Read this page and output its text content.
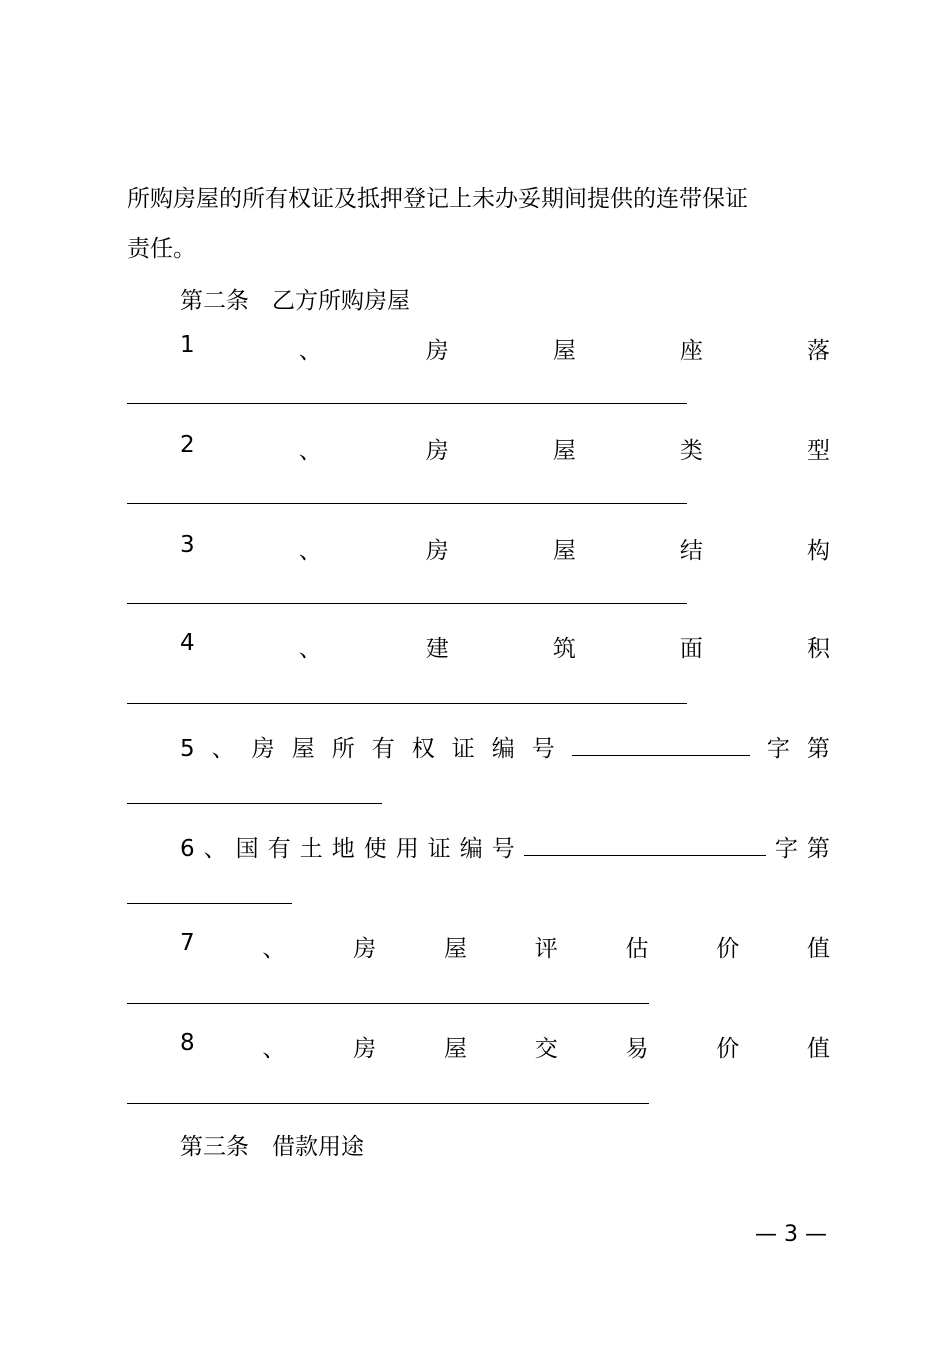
所购房屋的所有权证及抵押登记上未办妥期间提供的连带保证
责任。
第二条　乙方所购房屋
1	、	房	屋	座	落
2	、	房	屋	类	型
3	、	房	屋	结	构
4	、	建	筑	面	积
5 、 房 屋 所 有 权 证 编 号	字 第
6 、 国 有 土 地 使 用 证 编 号	字 第
7	、	房	屋	评	估	价	值
8	、	房	屋	交	易	价	值
第三条　借款用途
— 3 —
